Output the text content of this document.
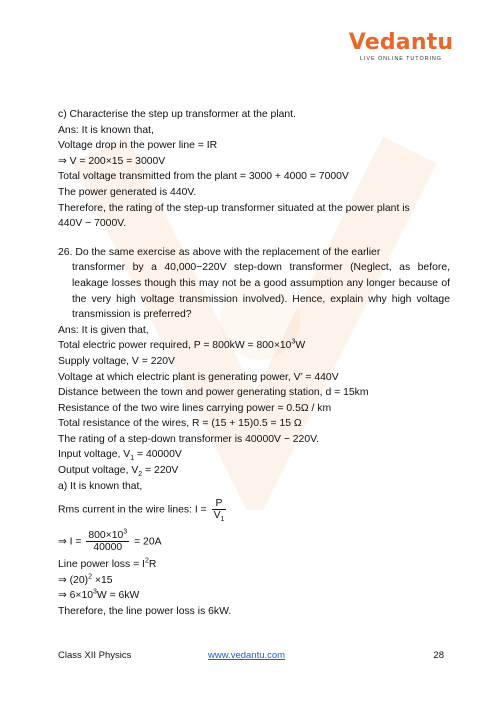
Vedantu
LIVE ONLINE TUTORING
c) Characterise the step up transformer at the plant.
Ans: It is known that,
Voltage drop in the power line = IR
⇒ V = 200×15 = 3000V
Total voltage transmitted from the plant = 3000 + 4000 = 7000V
The power generated is 440V.
Therefore, the rating of the step-up transformer situated at the power plant is
440V − 7000V.
26. Do the same exercise as above with the replacement of the earlier
transformer by a 40,000−220V step-down transformer (Neglect, as before, leakage losses though this may not be a good assumption any longer because of the very high voltage transmission involved). Hence, explain why high voltage transmission is preferred?
Ans: It is given that,
Total electric power required, $P = 800kW = 800\times 10^3W$
Supply voltage, V = 220V
Voltage at which electric plant is generating power, V’ = 440V
Distance between the town and power generating station, d = 15km
Resistance of the two wire lines carrying power = 0.5Ω / km
Total resistance of the wires, R = (15 + 15)0.5 = 15 Ω
The rating of a step-down transformer is 40000V − 220V.
Input voltage, $V_1 = 40000V$
Output voltage, $V_2 = 220V$
a) It is known that,
Rms current in the wire lines: $I = \frac{P}{V_1}$
⇒ $I = \frac{800\times 10^3}{40000} = 20A$
Line power loss = $I^2R$
⇒ $(20)^2 \times 15$
⇒ $6\times 10^3W = 6kW$
Therefore, the line power loss is 6kW.
Class XII Physics	www.vedantu.com	28
